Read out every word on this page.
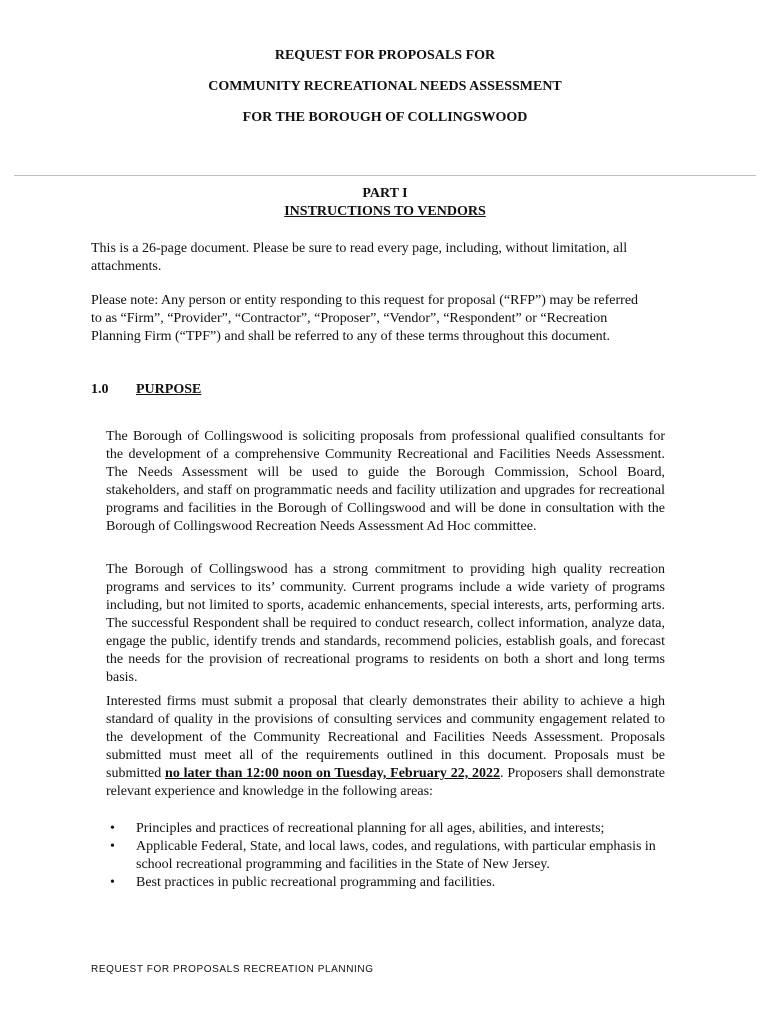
REQUEST FOR PROPOSALS FOR
COMMUNITY RECREATIONAL NEEDS ASSESSMENT
FOR THE BOROUGH OF COLLINGSWOOD
PART I
INSTRUCTIONS TO VENDORS
This is a 26-page document. Please be sure to read every page, including, without limitation, all attachments.
Please note: Any person or entity responding to this request for proposal (“RFP”) may be referred to as “Firm”, “Provider”, “Contractor”, “Proposer”, “Vendor”, “Respondent” or “Recreation Planning Firm (“TPF”) and shall be referred to any of these terms throughout this document.
1.0 PURPOSE
The Borough of Collingswood is soliciting proposals from professional qualified consultants for the development of a comprehensive Community Recreational and Facilities Needs Assessment. The Needs Assessment will be used to guide the Borough Commission, School Board, stakeholders, and staff on programmatic needs and facility utilization and upgrades for recreational programs and facilities in the Borough of Collingswood and will be done in consultation with the Borough of Collingswood Recreation Needs Assessment Ad Hoc committee.
The Borough of Collingswood has a strong commitment to providing high quality recreation programs and services to its’ community. Current programs include a wide variety of programs including, but not limited to sports, academic enhancements, special interests, arts, performing arts. The successful Respondent shall be required to conduct research, collect information, analyze data, engage the public, identify trends and standards, recommend policies, establish goals, and forecast the needs for the provision of recreational programs to residents on both a short and long terms basis.
Interested firms must submit a proposal that clearly demonstrates their ability to achieve a high standard of quality in the provisions of consulting services and community engagement related to the development of the Community Recreational and Facilities Needs Assessment. Proposals submitted must meet all of the requirements outlined in this document. Proposals must be submitted no later than 12:00 noon on Tuesday, February 22, 2022. Proposers shall demonstrate relevant experience and knowledge in the following areas:
• Principles and practices of recreational planning for all ages, abilities, and interests;
• Applicable Federal, State, and local laws, codes, and regulations, with particular emphasis in school recreational programming and facilities in the State of New Jersey.
• Best practices in public recreational programming and facilities.
REQUEST FOR PROPOSALS RECREATION PLANNING
